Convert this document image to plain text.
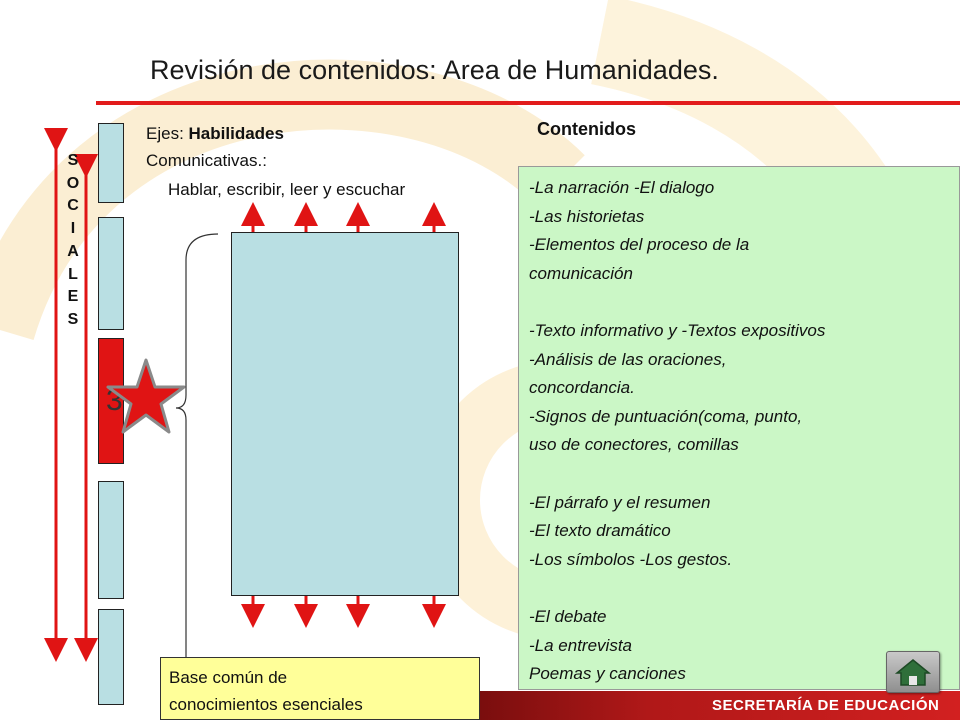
Revisión de contenidos: Area de Humanidades.
Ejes: Habilidades
Comunicativas.:
Hablar, escribir, leer y escuchar
Contenidos
S
O
C
I
A
L
E
S
3
-La narración -El dialogo
-Las historietas
-Elementos del proceso de la
comunicación
-Texto informativo y -Textos expositivos
-Análisis de las oraciones,
concordancia.
-Signos de puntuación(coma, punto,
uso de conectores, comillas
-El párrafo y el resumen
-El texto dramático
-Los símbolos -Los gestos.
-El debate
-La entrevista
Poemas y canciones
Base común de
conocimientos esenciales	SECRETARÍA DE EDUCACIÓN
